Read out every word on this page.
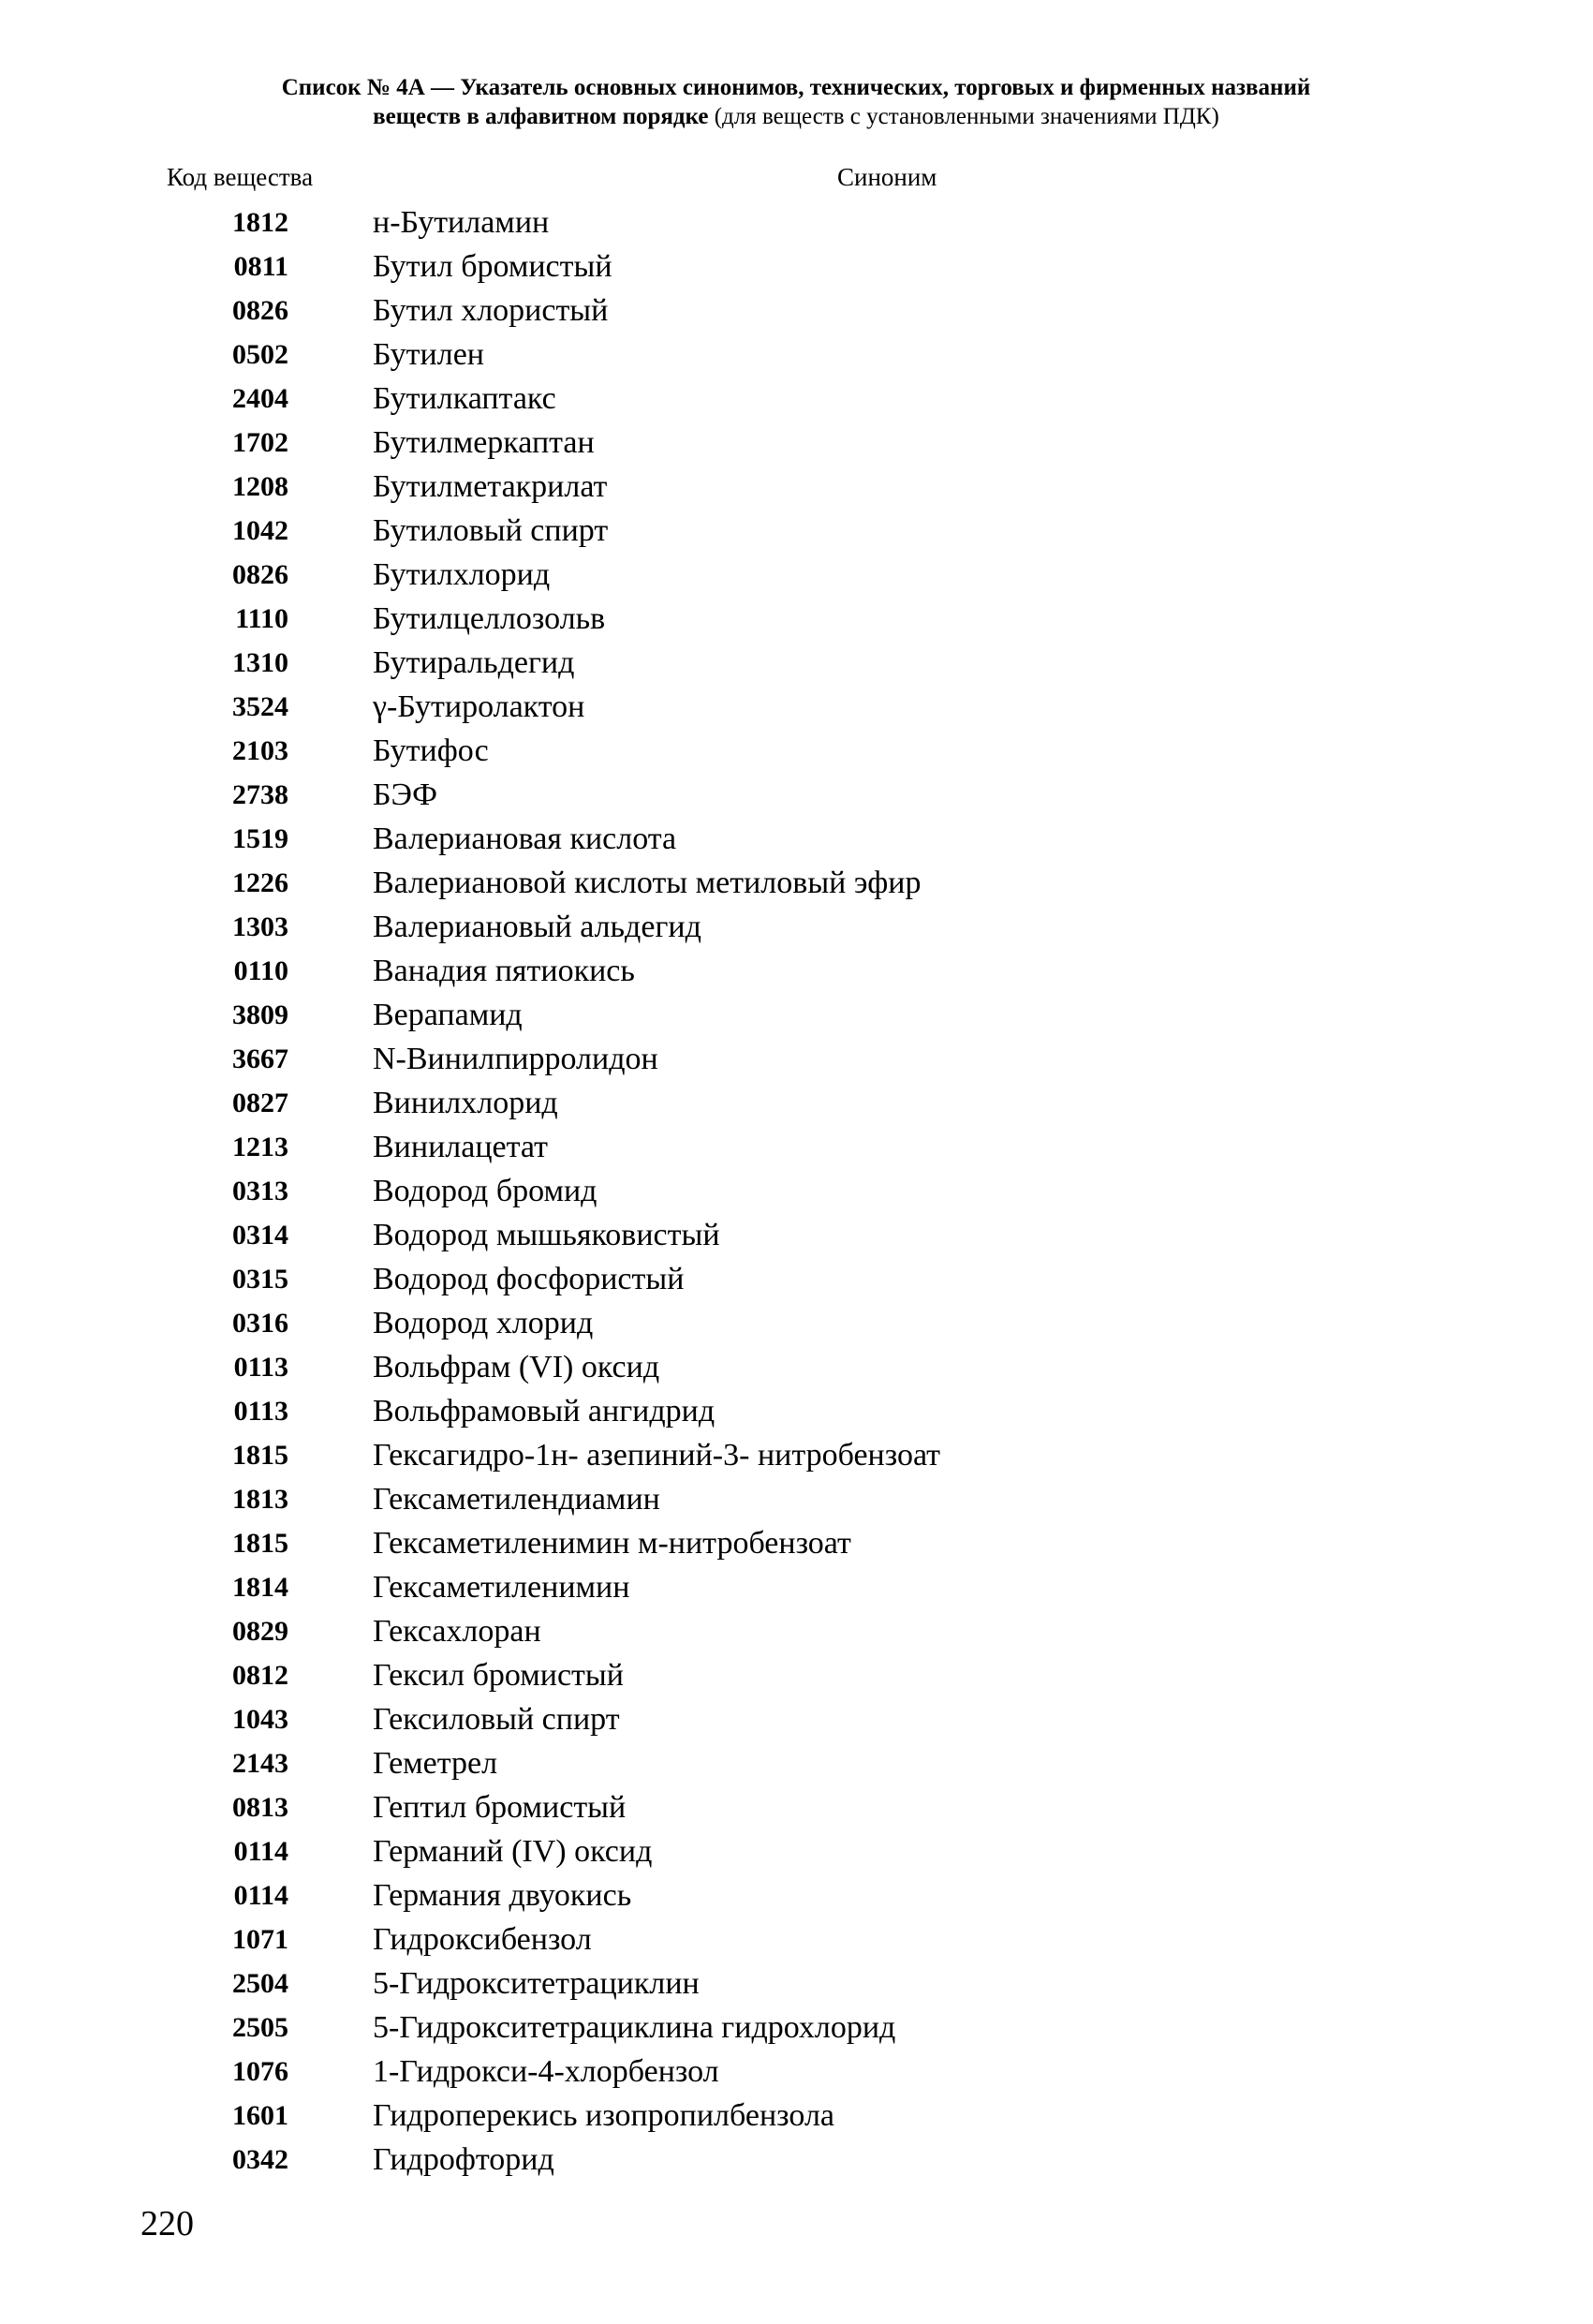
Список № 4А — Указатель основных синонимов, технических, торговых и фирменных названий
веществ в алфавитном порядке (для веществ с установленными значениями ПДК)
Код вещества	Синоним
1812	н-Бутиламин
0811	Бутил бромистый
0826	Бутил хлористый
0502	Бутилен
2404	Бутилкаптакс
1702	Бутилмеркаптан
1208	Бутилметакрилат
1042	Бутиловый спирт
0826	Бутилхлорид
1110	Бутилцеллозольв
1310	Бутиральдегид
3524	γ-Бутиролактон
2103	Бутифос
2738	БЭФ
1519	Валериановая кислота
1226	Валериановой кислоты метиловый эфир
1303	Валериановый альдегид
0110	Ванадия пятиокись
3809	Верапамид
3667	N-Винилпирролидон
0827	Винилхлорид
1213	Винилацетат
0313	Водород бромид
0314	Водород мышьяковистый
0315	Водород фосфористый
0316	Водород хлорид
0113	Вольфрам (VI) оксид
0113	Вольфрамовый ангидрид
1815	Гексагидро-1н- азепиний-3- нитробензоат
1813	Гексаметилендиамин
1815	Гексаметиленимин м-нитробензоат
1814	Гексаметиленимин
0829	Гексахлоран
0812	Гексил бромистый
1043	Гексиловый спирт
2143	Геметрел
0813	Гептил бромистый
0114	Германий (IV) оксид
0114	Германия двуокись
1071	Гидроксибензол
2504	5-Гидрокситетрациклин
2505	5-Гидрокситетрациклина гидрохлорид
1076	1-Гидрокси-4-хлорбензол
1601	Гидроперекись изопропилбензола
0342	Гидрофторид
220
